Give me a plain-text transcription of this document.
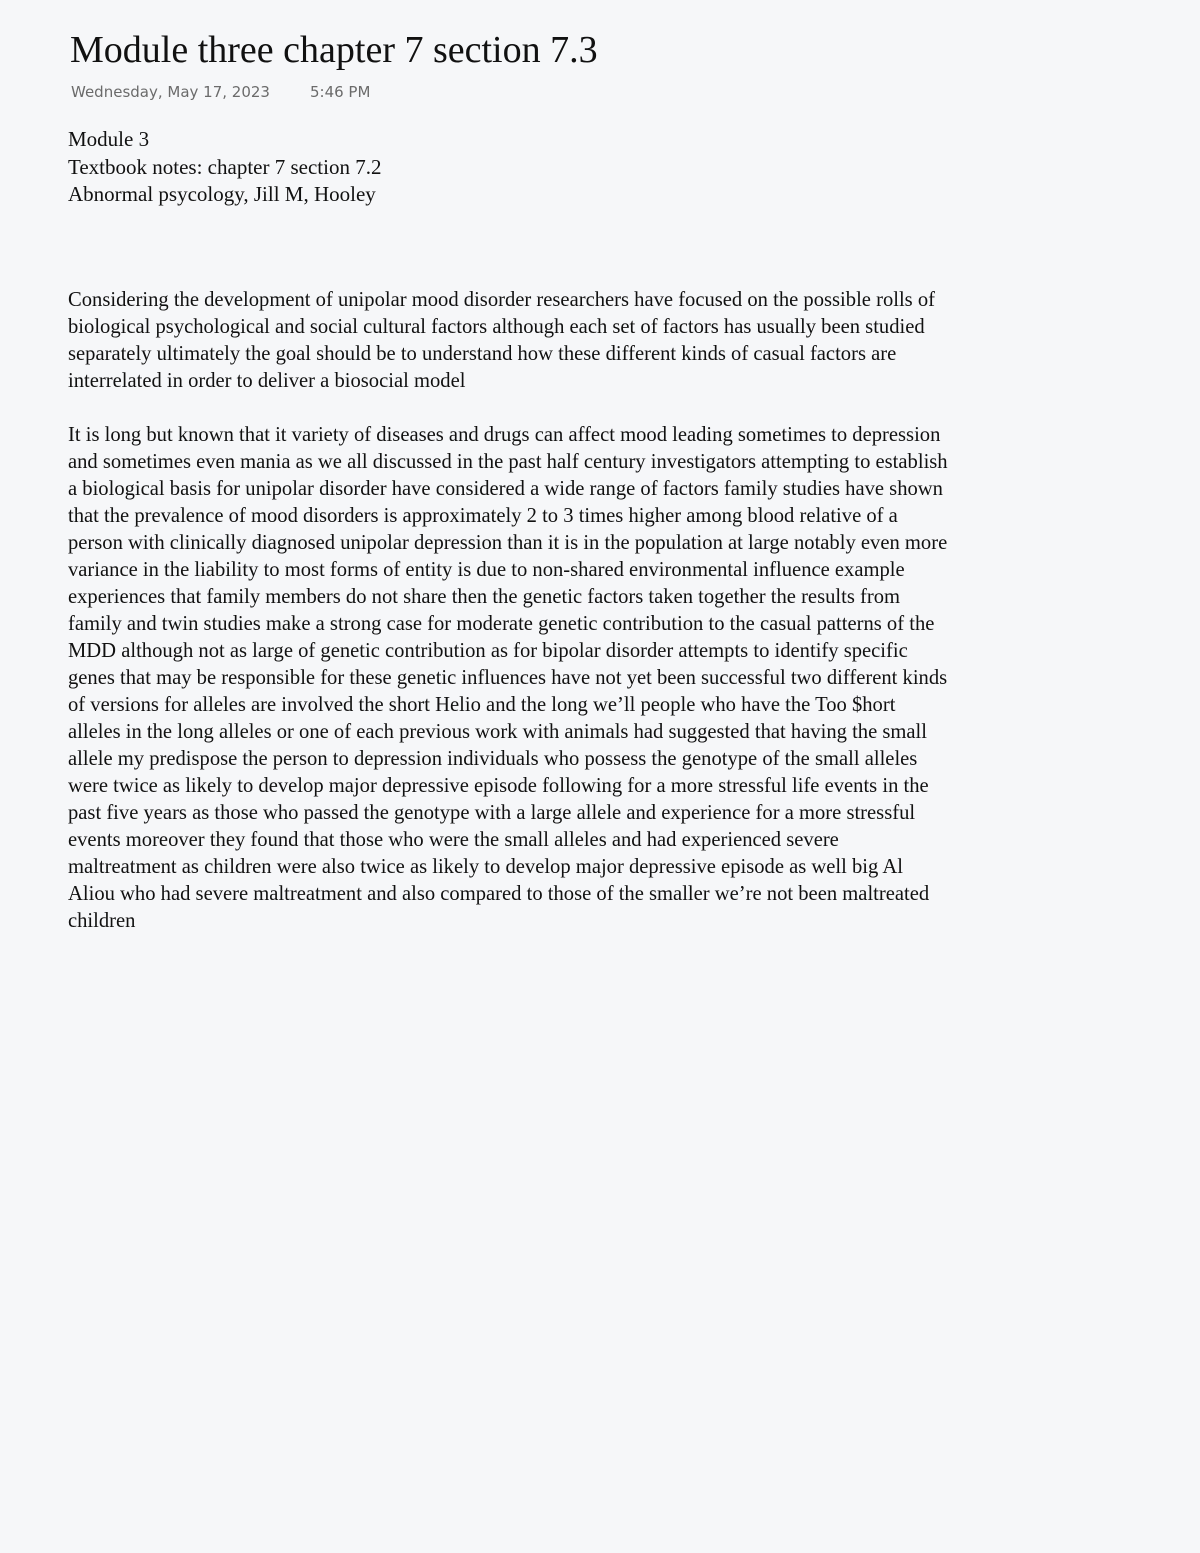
Module three chapter 7 section 7.3
Wednesday, May 17, 2023	5:46 PM
Module 3
Textbook notes: chapter 7 section 7.2
Abnormal psycology, Jill M, Hooley

Considering the development of unipolar mood disorder researchers have focused on the possible rolls of biological psychological and social cultural factors although each set of factors has usually been studied separately ultimately the goal should be to understand how these different kinds of casual factors are interrelated in order to deliver a biosocial model

It is long but known that it variety of diseases and drugs can affect mood leading sometimes to depression and sometimes even mania as we all discussed in the past half century investigators attempting to establish a biological basis for unipolar disorder have considered a wide range of factors family studies have shown that the prevalence of mood disorders is approximately 2 to 3 times higher among blood relative of a person with clinically diagnosed unipolar depression than it is in the population at large notably even more variance in the liability to most forms of entity is due to non-shared environmental influence example experiences that family members do not share then the genetic factors taken together the results from family and twin studies make a strong case for moderate genetic contribution to the casual patterns of the MDD although not as large of genetic contribution as for bipolar disorder attempts to identify specific genes that may be responsible for these genetic influences have not yet been successful two different kinds of versions for alleles are involved the short Helio and the long we’ll people who have the Too $hort alleles in the long alleles or one of each previous work with animals had suggested that having the small allele my predispose the person to depression individuals who possess the genotype of the small alleles were twice as likely to develop major depressive episode following for a more stressful life events in the past five years as those who passed the genotype with a large allele and experience for a more stressful events moreover they found that those who were the small alleles and had experienced severe maltreatment as children were also twice as likely to develop major depressive episode as well big Al Aliou who had severe maltreatment and also compared to those of the smaller we’re not been maltreated children
